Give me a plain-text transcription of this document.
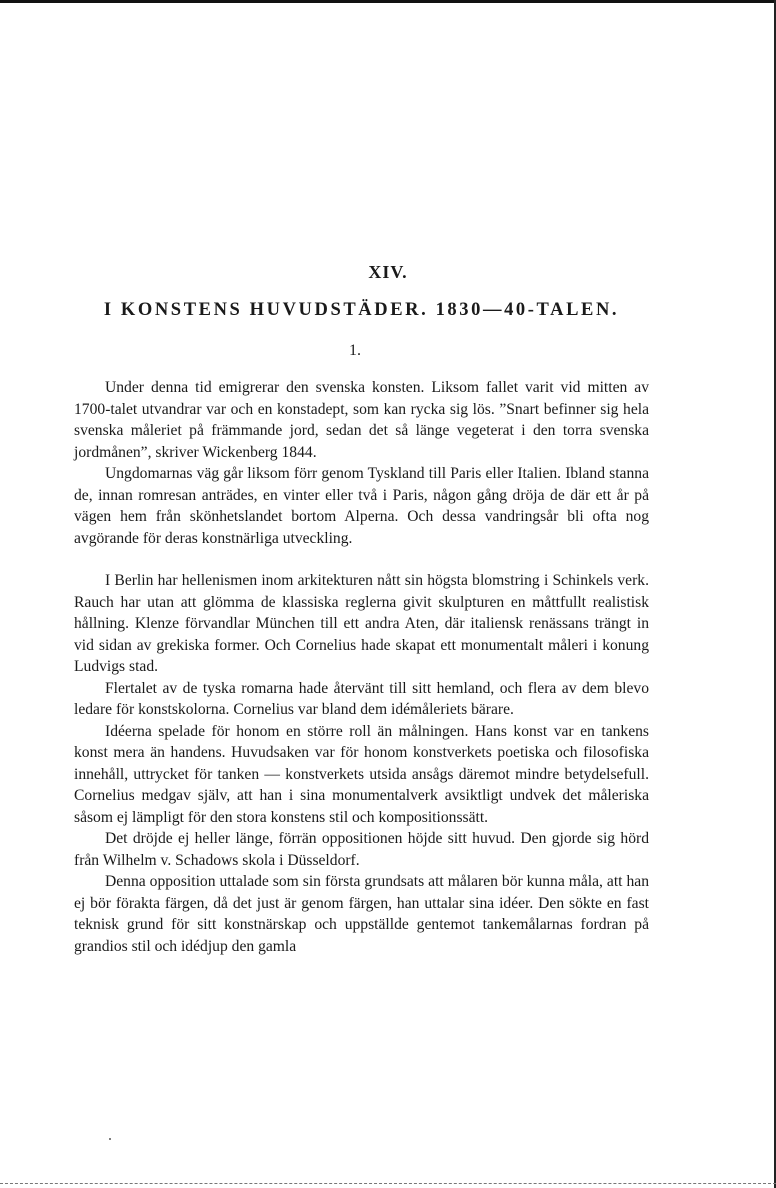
XIV.
I KONSTENS HUVUDSTÄDER. 1830—40-TALEN.
1.

Under denna tid emigrerar den svenska konsten. Liksom fallet varit vid mitten av 1700-talet utvandrar var och en konstadept, som kan rycka sig lös. ”Snart befinner sig hela svenska måleriet på främmande jord, sedan det så länge vegeterat i den torra svenska jordmånen”, skriver Wickenberg 1844.

Ungdomarnas väg går liksom förr genom Tyskland till Paris eller Italien. Ibland stanna de, innan romresan anträdes, en vinter eller två i Paris, någon gång dröja de där ett år på vägen hem från skönhetslandet bortom Alperna. Och dessa vandringsår bli ofta nog avgörande för deras konstnärliga utveckling.

I Berlin har hellenismen inom arkitekturen nått sin högsta blomstring i Schinkels verk. Rauch har utan att glömma de klassiska reglerna givit skulpturen en måttfullt realistisk hållning. Klenze förvandlar München till ett andra Aten, där italiensk renässans trängt in vid sidan av grekiska former. Och Cornelius hade skapat ett monumentalt måleri i konung Ludvigs stad.

Flertalet av de tyska romarna hade återvänt till sitt hemland, och flera av dem blevo ledare för konstskolorna. Cornelius var bland dem idémåleriets bärare.

Idéerna spelade för honom en större roll än målningen. Hans konst var en tankens konst mera än handens. Huvudsaken var för honom konstverkets poetiska och filosofiska innehåll, uttrycket för tanken — konstverkets utsida ansågs däremot mindre betydelsefull. Cornelius medgav själv, att han i sina monumentalverk avsiktligt undvek det måleriska såsom ej lämpligt för den stora konstens stil och kompositionssätt.

Det dröjde ej heller länge, förrän oppositionen höjde sitt huvud. Den gjorde sig hörd från Wilhelm v. Schadows skola i Düsseldorf.

Denna opposition uttalade som sin första grundsats att målaren bör kunna måla, att han ej bör förakta färgen, då det just är genom färgen, han uttalar sina idéer. Den sökte en fast teknisk grund för sitt konstnärskap och uppställde gentemot tankemålarnas fordran på grandios stil och idédjup den gamla
